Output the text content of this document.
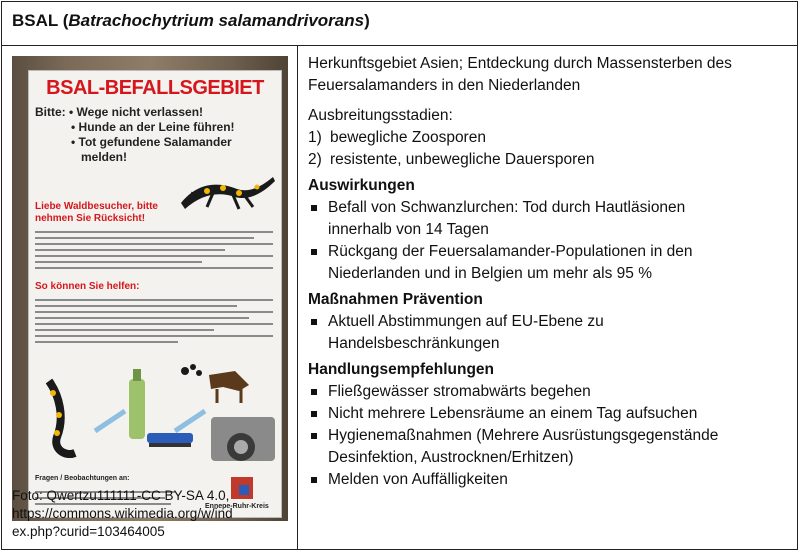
BSAL (Batrachochytrium salamandrivorans)
BSAL-BEFALLSGEBIET
Bitte: • Wege nicht verlassen!
• Hunde an der Leine führen!
• Tot gefundene Salamander
melden!
Liebe Waldbesucher, bitte
nehmen Sie Rücksicht!
So können Sie helfen:
Fragen / Beobachtungen an:
Ennepe-Ruhr-Kreis
Foto: Qwertzu111111-CC BY-SA 4.0,
https://commons.wikimedia.org/w/ind
ex.php?curid=103464005
Herkunftsgebiet Asien; Entdeckung durch Massensterben des
Feuersalamanders in den Niederlanden
Ausbreitungsstadien:
1) bewegliche Zoosporen
2) resistente, unbewegliche Dauersporen
Auswirkungen
Befall von Schwanzlurchen: Tod durch Hautläsionen
innerhalb von 14 Tagen
Rückgang der Feuersalamander-Populationen in den
Niederlanden und in Belgien um mehr als 95 %
Maßnahmen Prävention
Aktuell Abstimmungen auf EU-Ebene zu
Handelsbeschränkungen
Handlungsempfehlungen
Fließgewässer stromabwärts begehen
Nicht mehrere Lebensräume an einem Tag aufsuchen
Hygienemaßnahmen (Mehrere Ausrüstungsgegenstände
Desinfektion, Austrocknen/Erhitzen)
Melden von Auffälligkeiten
